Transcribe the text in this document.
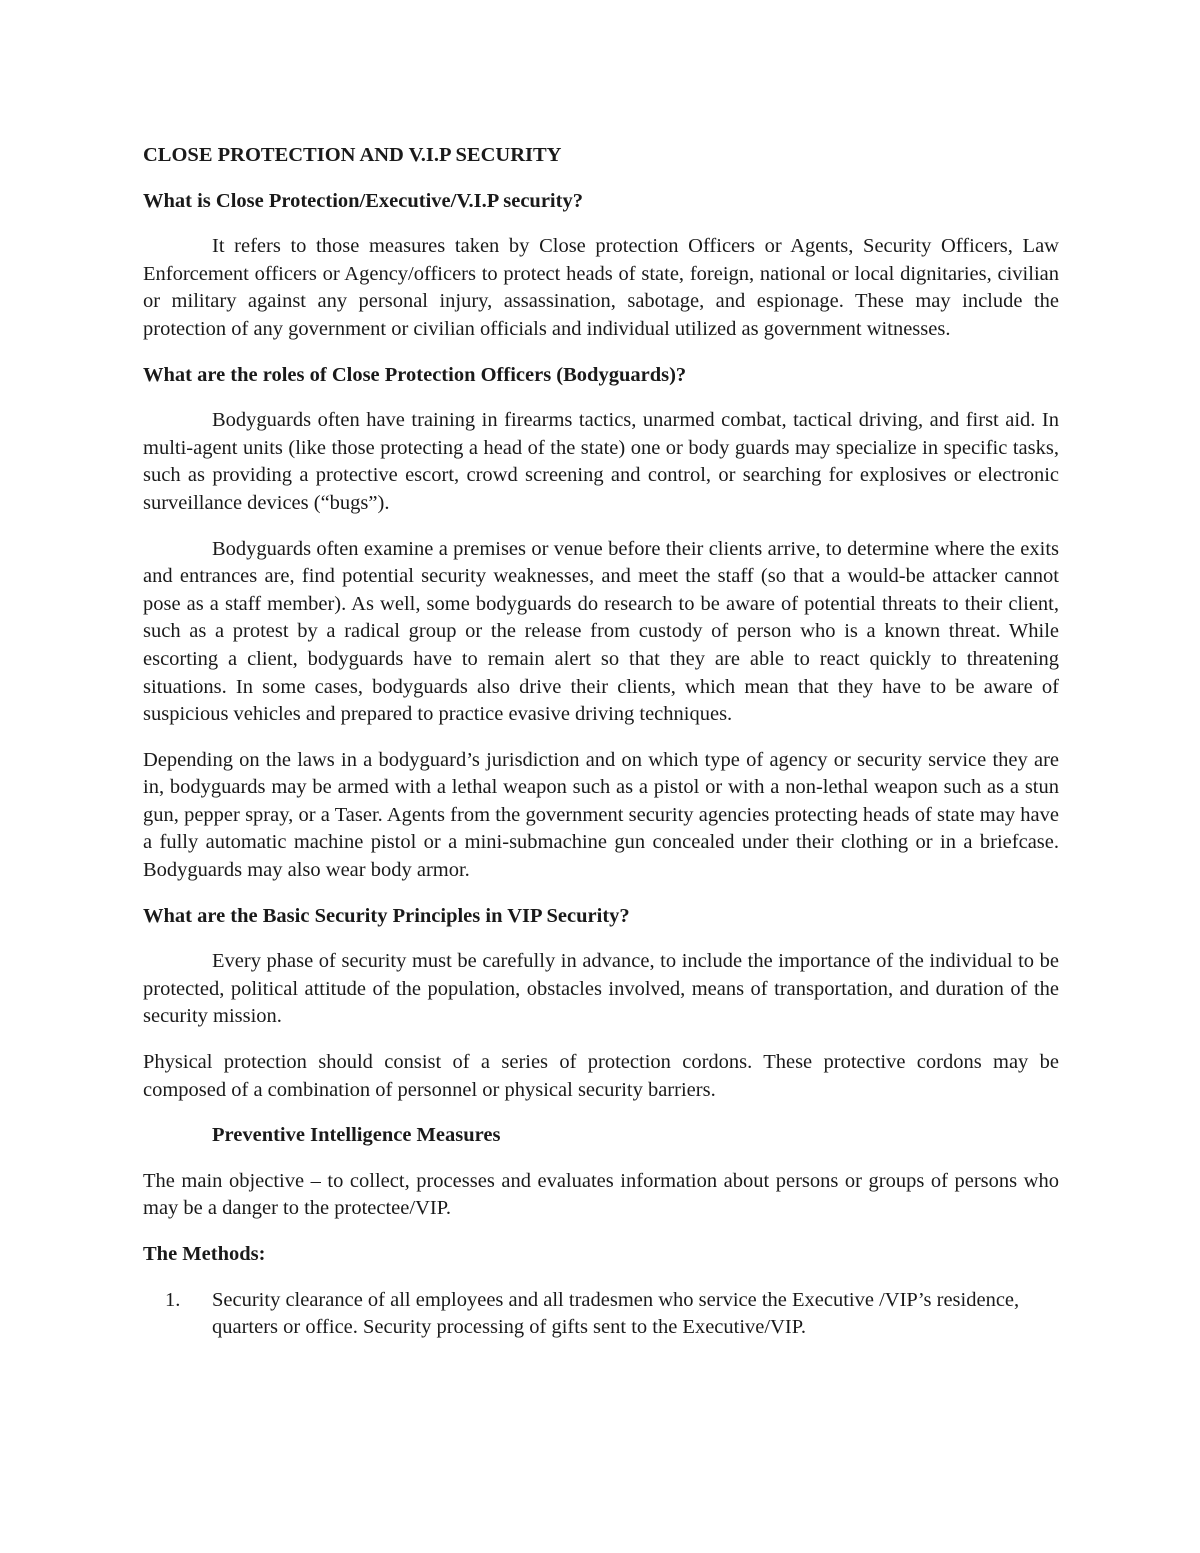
CLOSE PROTECTION AND V.I.P SECURITY

What is Close Protection/Executive/V.I.P security?

It refers to those measures taken by Close protection Officers or Agents, Security Officers, Law Enforcement officers or Agency/officers to protect heads of state, foreign, national or local dignitaries, civilian or military against any personal injury, assassination, sabotage, and espionage. These may include the protection of any government or civilian officials and individual utilized as government witnesses.

What are the roles of Close Protection Officers (Bodyguards)?

Bodyguards often have training in firearms tactics, unarmed combat, tactical driving, and first aid. In multi-agent units (like those protecting a head of the state) one or body guards may specialize in specific tasks, such as providing a protective escort, crowd screening and control, or searching for explosives or electronic surveillance devices (“bugs”).

Bodyguards often examine a premises or venue before their clients arrive, to determine where the exits and entrances are, find potential security weaknesses, and meet the staff (so that a would-be attacker cannot pose as a staff member). As well, some bodyguards do research to be aware of potential threats to their client, such as a protest by a radical group or the release from custody of person who is a known threat. While escorting a client, bodyguards have to remain alert so that they are able to react quickly to threatening situations. In some cases, bodyguards also drive their clients, which mean that they have to be aware of suspicious vehicles and prepared to practice evasive driving techniques.

Depending on the laws in a bodyguard’s jurisdiction and on which type of agency or security service they are in, bodyguards may be armed with a lethal weapon such as a pistol or with a non-lethal weapon such as a stun gun, pepper spray, or a Taser. Agents from the government security agencies protecting heads of state may have a fully automatic machine pistol or a mini-submachine gun concealed under their clothing or in a briefcase. Bodyguards may also wear body armor.

What are the Basic Security Principles in VIP Security?

Every phase of security must be carefully in advance, to include the importance of the individual to be protected, political attitude of the population, obstacles involved, means of transportation, and duration of the security mission.

Physical protection should consist of a series of protection cordons. These protective cordons may be composed of a combination of personnel or physical security barriers.

Preventive Intelligence Measures

The main objective – to collect, processes and evaluates information about persons or groups of persons who may be a danger to the protectee/VIP.

The Methods:

1.	Security clearance of all employees and all tradesmen who service the Executive /VIP’s residence, quarters or office. Security processing of gifts sent to the Executive/VIP.
